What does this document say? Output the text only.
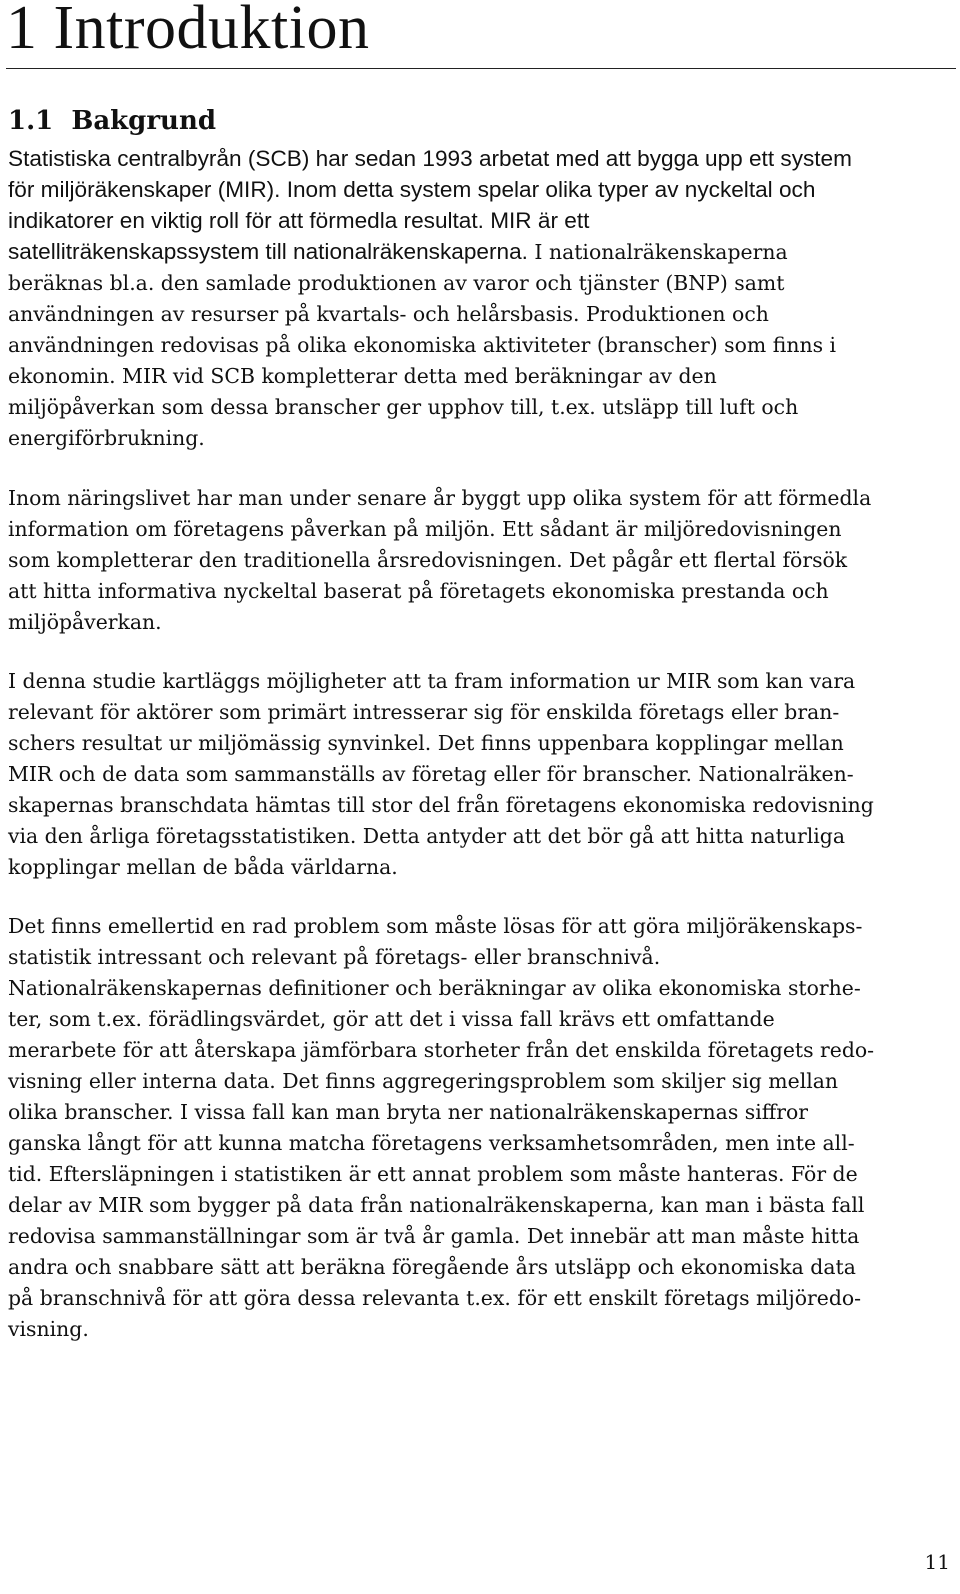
1 Introduktion
1.1  Bakgrund
Statistiska centralbyrån (SCB) har sedan 1993 arbetat med att bygga upp ett system
för miljöräkenskaper (MIR). Inom detta system spelar olika typer av nyckeltal och
indikatorer en viktig roll för att förmedla resultat. MIR är ett
satelliträkenskapssystem till nationalräkenskaperna. I nationalräkenskaperna
beräknas bl.a. den samlade produktionen av varor och tjänster (BNP) samt
användningen av resurser på kvartals- och helårsbasis. Produktionen och
användningen redovisas på olika ekonomiska aktiviteter (branscher) som finns i
ekonomin. MIR vid SCB kompletterar detta med beräkningar av den
miljöpåverkan som dessa branscher ger upphov till, t.ex. utsläpp till luft och
energiförbrukning.
Inom näringslivet har man under senare år byggt upp olika system för att förmedla
information om företagens påverkan på miljön. Ett sådant är miljöredovisningen
som kompletterar den traditionella årsredovisningen. Det pågår ett flertal försök
att hitta informativa nyckeltal baserat på företagets ekonomiska prestanda och
miljöpåverkan.
I denna studie kartläggs möjligheter att ta fram information ur MIR som kan vara
relevant för aktörer som primärt intresserar sig för enskilda företags eller bran-
schers resultat ur miljömässig synvinkel. Det finns uppenbara kopplingar mellan
MIR och de data som sammanställs av företag eller för branscher. Nationalräken-
skapernas branschdata hämtas till stor del från företagens ekonomiska redovisning
via den årliga företagsstatistiken. Detta antyder att det bör gå att hitta naturliga
kopplingar mellan de båda världarna.
Det finns emellertid en rad problem som måste lösas för att göra miljöräkenskaps-
statistik intressant och relevant på företags- eller branschnivå.
Nationalräkenskapernas definitioner och beräkningar av olika ekonomiska storhe-
ter, som t.ex. förädlingsvärdet, gör att det i vissa fall krävs ett omfattande
merarbete för att återskapa jämförbara storheter från det enskilda företagets redo-
visning eller interna data. Det finns aggregeringsproblem som skiljer sig mellan
olika branscher. I vissa fall kan man bryta ner nationalräkenskapernas siffror
ganska långt för att kunna matcha företagens verksamhetsområden, men inte all-
tid. Eftersläpningen i statistiken är ett annat problem som måste hanteras. För de
delar av MIR som bygger på data från nationalräkenskaperna, kan man i bästa fall
redovisa sammanställningar som är två år gamla. Det innebär att man måste hitta
andra och snabbare sätt att beräkna föregående års utsläpp och ekonomiska data
på branschnivå för att göra dessa relevanta t.ex. för ett enskilt företags miljöredo-
visning.
11
